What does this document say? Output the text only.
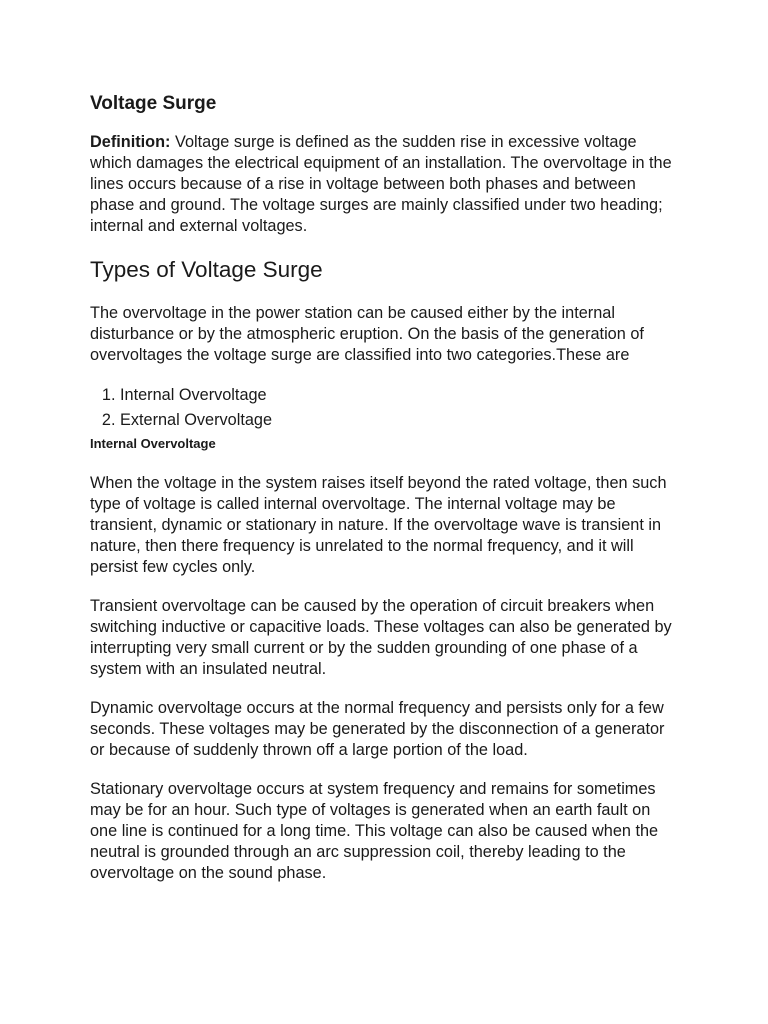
Voltage Surge

Definition: Voltage surge is defined as the sudden rise in excessive voltage which damages the electrical equipment of an installation. The overvoltage in the lines occurs because of a rise in voltage between both phases and between phase and ground. The voltage surges are mainly classified under two heading; internal and external voltages.

Types of Voltage Surge

The overvoltage in the power station can be caused either by the internal disturbance or by the atmospheric eruption. On the basis of the generation of overvoltages the voltage surge are classified into two categories.These are

1. Internal Overvoltage
2. External Overvoltage
Internal Overvoltage

When the voltage in the system raises itself beyond the rated voltage, then such type of voltage is called internal overvoltage. The internal voltage may be transient, dynamic or stationary in nature. If the overvoltage wave is transient in nature, then there frequency is unrelated to the normal frequency, and it will persist few cycles only.

Transient overvoltage can be caused by the operation of circuit breakers when switching inductive or capacitive loads. These voltages can also be generated by interrupting very small current or by the sudden grounding of one phase of a system with an insulated neutral.

Dynamic overvoltage occurs at the normal frequency and persists only for a few seconds. These voltages may be generated by the disconnection of a generator or because of suddenly thrown off a large portion of the load.

Stationary overvoltage occurs at system frequency and remains for sometimes may be for an hour. Such type of voltages is generated when an earth fault on one line is continued for a long time. This voltage can also be caused when the neutral is grounded through an arc suppression coil, thereby leading to the overvoltage on the sound phase.
